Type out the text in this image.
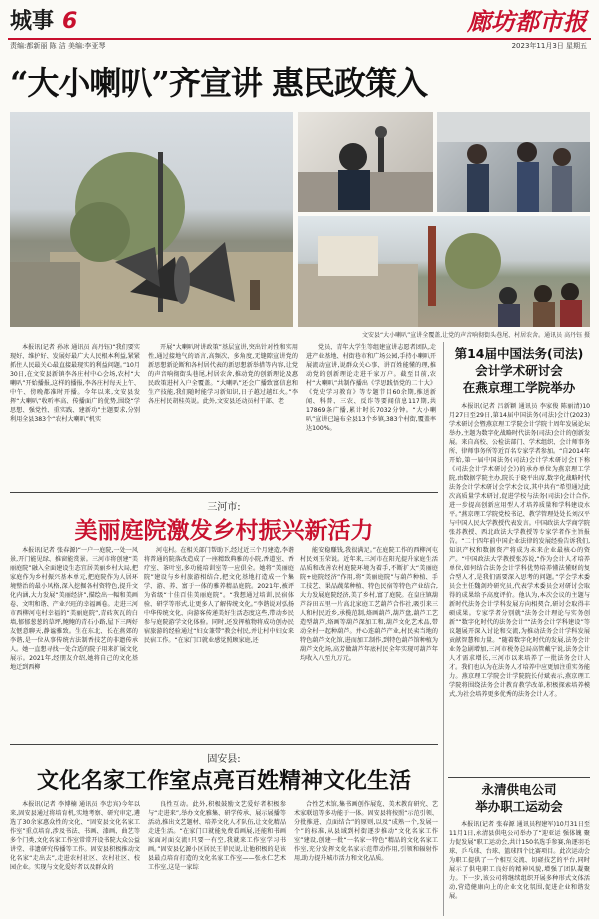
城事 6	廊坊都市报
责编:都新丽 陈 洁 美编:李亚琴	2023年11月3日 星期五
“大小喇叭”齐宣讲 惠民政策入
文安县“大小喇叭”宣讲全覆盖,让党的声音响彻街头巷尾、村居农舍。通讯员 高丹钰 摄

本报讯(记者 孙冰 通讯员 高丹钰)“我们要实现好、维护好、发展好最广大人民根本利益,紧紧抓住人民最关心最直接最现实的利益问题。”10月30日,在文安县新镇李各庄村中心会场,农村“大喇叭”开始播报,这样的播报,李各庄村每天上午、中午、傍晚都准时开播。今年以来,文安县发挥“大喇叭”收听率高、传播面广的优势,围绕“学思想、强党性、重实践、建新功”主题要求,分别利用全县383个“农村大喇叭”机实

开展“大喇叭时讲政策”基层宣讲,突出针对性和实用性,通过接地气的语言,高频次、多角度,无缝隙宣讲党的新思想新论断和各村居代表的新思想新举措等内容,让党的声音响彻街头巷尾,村居农舍,推动党的创新理论及惠民政策进村入户全覆盖。“大喇叭”还会广播致富信息和生产技能,我们随时能学习新知识,日子越过越红火。”李各庄村民胡桂英说。此外,文安县还动员村干部、老

党员、青年大学生等组建宣讲志愿者团队,走进产业基地、村街巷市和广场公园,手持小喇叭开展流动宣讲,说群众关心事、讲百姓能懂的理,推动党的创新理论走进千家万户。截至目前,农村“大喇叭”共制作播出《学思践悟党的二十大》《党史学习教育》等专题节目60余期,推送新闻、科普、三农、反诈等要闻信息117期,共17869条广播,累计时长7032分钟。“大小喇叭”宣讲已遍布全县13个乡镇,383个村街,覆盖率达100%。

三河市:
美丽庭院激发乡村振兴新活力

本报讯(记者 张春源)“一户一庭院,一处一风景,开门能见绿、推窗能赏景。三河市将创建“美丽庭院”融入全面建设生态宜居美丽乡村大局,把家庭作为乡村振兴基本单元,把庭院作为人居环境整治的最小风格,深入挖掘各村资特色,提升文化内涵,大力发展“美丽经济”,描绘出一幅和美画卷、文明和谐、产业兴旺的幸福画卷。走进三河市西柳河屯村幸福的“美丽庭院”,青砖灰瓦的白墙,郁郁葱葱的草坪,鲍鲍的青石小路,屋下三两好友惬意聊天,静谧雅致。生在东北、长在燕郊的李谐,是一位从事传统古法制香技艺的非遗传承人。她一直想寻找一处合适的院子用来扩展文化展示。2021年,经朋友介绍,她将自己的文化基地迁到西柳

河屯村。在相关部门帮助下,经过近三个月建造,李谐将普通的院落改造成了一座精致典雅的小院,香道室、香疗室、茶叶室,多功能培训室等一应俱全。她将“美丽庭院”建设与乡村旅游相结合,把文化基地打造成一个集学、游、养、富于一体的雅养精品庭院。2021年,被评为省级“十佳百佳美丽庭院”。“我想通过培训,民宿体验、研学等形式,让更多人了解传统文化。”李谐说对弘扬中华传统文化、向游客传递美好生活态度这些,带动乡民参与庭院游学文化体验。同时,还发挥植物将成功创办民宿旅游的经验通过“妇女兼带”教会村民,并让村中妇女来民宿工作。“在家门口就业感觉照顾家庭,还

能安稳赚钱,我很满足。”在庭院工作的西柳河屯村民刘玉荣说。近年来,三河市在阳光提升家庭生活品质和改善农村庭院环境为着手,不断扩大“美丽庭院+庭院经济”作用,将“美丽庭院”与葫芦种植、手工技艺、果品蔬菜种植、特色民宿等特色产业结合,大力发展庭院经济,美了乡村,富了庭院。在皇庄镇葫芦谷田五里一片高北家庭工艺葫芦合作社,吸引来三人和村民近乡,承揽范制,烙画葫芦,葫芦盘,葫芦工艺造型葫芦,烙画等葫芦深加工和,葫芦文化艺术品,带动全村一起种葫芦。并心连葫芦产业,村民卖当地的特色葫芦文化馆,进而加工制作,到特色葫芦馆种植为葫芦文化场,高芳做葫芦年底村民全年实现可葫芦年均收入八至九万元。

固安县:
文化名家工作室点亮百姓精神文化生活

本报讯(记者 李博楠 通讯员 李忠宾)今年以来,固安县通过将培育机,实地考察、研究审定,遴选了30余家惠众性的文化、“固安县文化名家工作室”重点培育,涉及书法、书画、漆画、曲艺等多个门类,文化名家工作室常常开设书院大众公益讲堂、非遗研究传播等工作。固安县积极推动文化名家“走出去”,走进农村社区、农村社区、校园企业。实现与文化爱好者以及群众的

良性互动。此外,积极鼓励文艺爱好者积极参与“走进来”,举办文化雅集、研学传承、展示展播等活动,推出文艺题材、培养文化人才队伍,让文化精品走进生活。“在家门口就能免费看画展,还能和书画家面对面交流!只要一有空,我就来工作室学习书画。”固安县亿源小区居民王菲民说,让他积极的是该县最点培育打造的文化名家工作室——张永仁艺术工作室,这是一家综

合性艺术馆,集书画创作展览、美术教育研究、艺术家联谊等多功能于一体。固安县将按照“示范引领、分批推进、点面结合”的原则,以及“成熟一个,发展一个”的标准,从县域到村街逐步推动“文化名家工作室”建设,创建一批“一名家一特色”精品的文化名家工作室,充分发挥文化名家示范带动作用,引领和辐射作用,助力提升城市活力和文化品质。

第14届中国法务(司法)
会计学术研讨会
在燕京理工学院举办

本报讯(记者 吕新颖 通讯员 李家俊 陈丽清)10月27日至29日,第14届中国法务(司法)会计(2023)学术研讨会暨燕京理工学院会计学院十周年发展论坛举办,主题为数字化战略时代法务(司法)会计的创新发展。来自高校、公检法部门、学术组织、会计师事务所、律师事务所等近百名专家学者参加。“自2014年开始,第一届中国法务(司法)会计学术研讨会(下称《司法会计学术研讨会》)的承办单位为燕京理工学院,由数据学院主办,院长于晓平出席,数字化战略时代法务会计学术研讨会学术会议,其中共有“希望通过此次高质量学术研讨,促进学校与法务(司法)会计合作,进一步提高创新应用型人才培养质量和学科建设水平。”燕京理工学院党校书记、教学管理处处长刘汉平与中国人民大学教授代表发言。中国政法大学商学院张苏教授、西北政法大学教授等专家学者作主旨报告。“二十四年前中国企业法律的发展经验告诉我们,知识产权和数据资产将成为未来企业最核心的资产。“中国政法大学教授张苏说,“作为会计人才培养单位,如何结合法务会计学科优势培养懂法懂财的复合型人才,是我们需要深入思考的问题。”学会学术委员会主任魏剑玲研究员,代表学术委员会对研讨会取得的成果给予高度评价。他认为,本次会议的主题与新时代法务会计学科发展方向相契合,研讨会取得丰硕成果。专家学者分别就“法务会计理论与实务创新”“数字化时代的法务会计”“法务会计学科建设”等议题展开深入讨论和交流,为推动法务会计学科发展贡献智慧和力量。“随着数字化时代的发展,法务会计业务急剧增加,三河市税务总局高管戴宁说,法务会计人才需求增长,三河市以来培养了一批法务会计人才。我们也认为在法务人才培养中应更加注重实务能力。燕京理工学院会计学院院长付斌表示,燕京理工学院将围绕法务会计教育教学改革,积极探索培养模式,为社会培养更多优秀的法务会计人才。

永清供电公司
举办职工运动会

本报讯(记者 张春源 通讯员程建军)10月31日至11月1日,永清县供电公司举办了“迎亚运 强体魄 聚力促发展”职工运动会,共计150名选手参赛,角逐羽毛球、乒乓球、台球、篮球四个比赛项目。此次运动会为职工提供了一个相互交流、切磋技艺的平台,同时展示了供电职工良好的精神风貌,增强了团队凝聚力。下一步,该公司将继续组织开展多种形式文体活动,营造健康向上的企业文化氛围,促进企业和谐发展。
